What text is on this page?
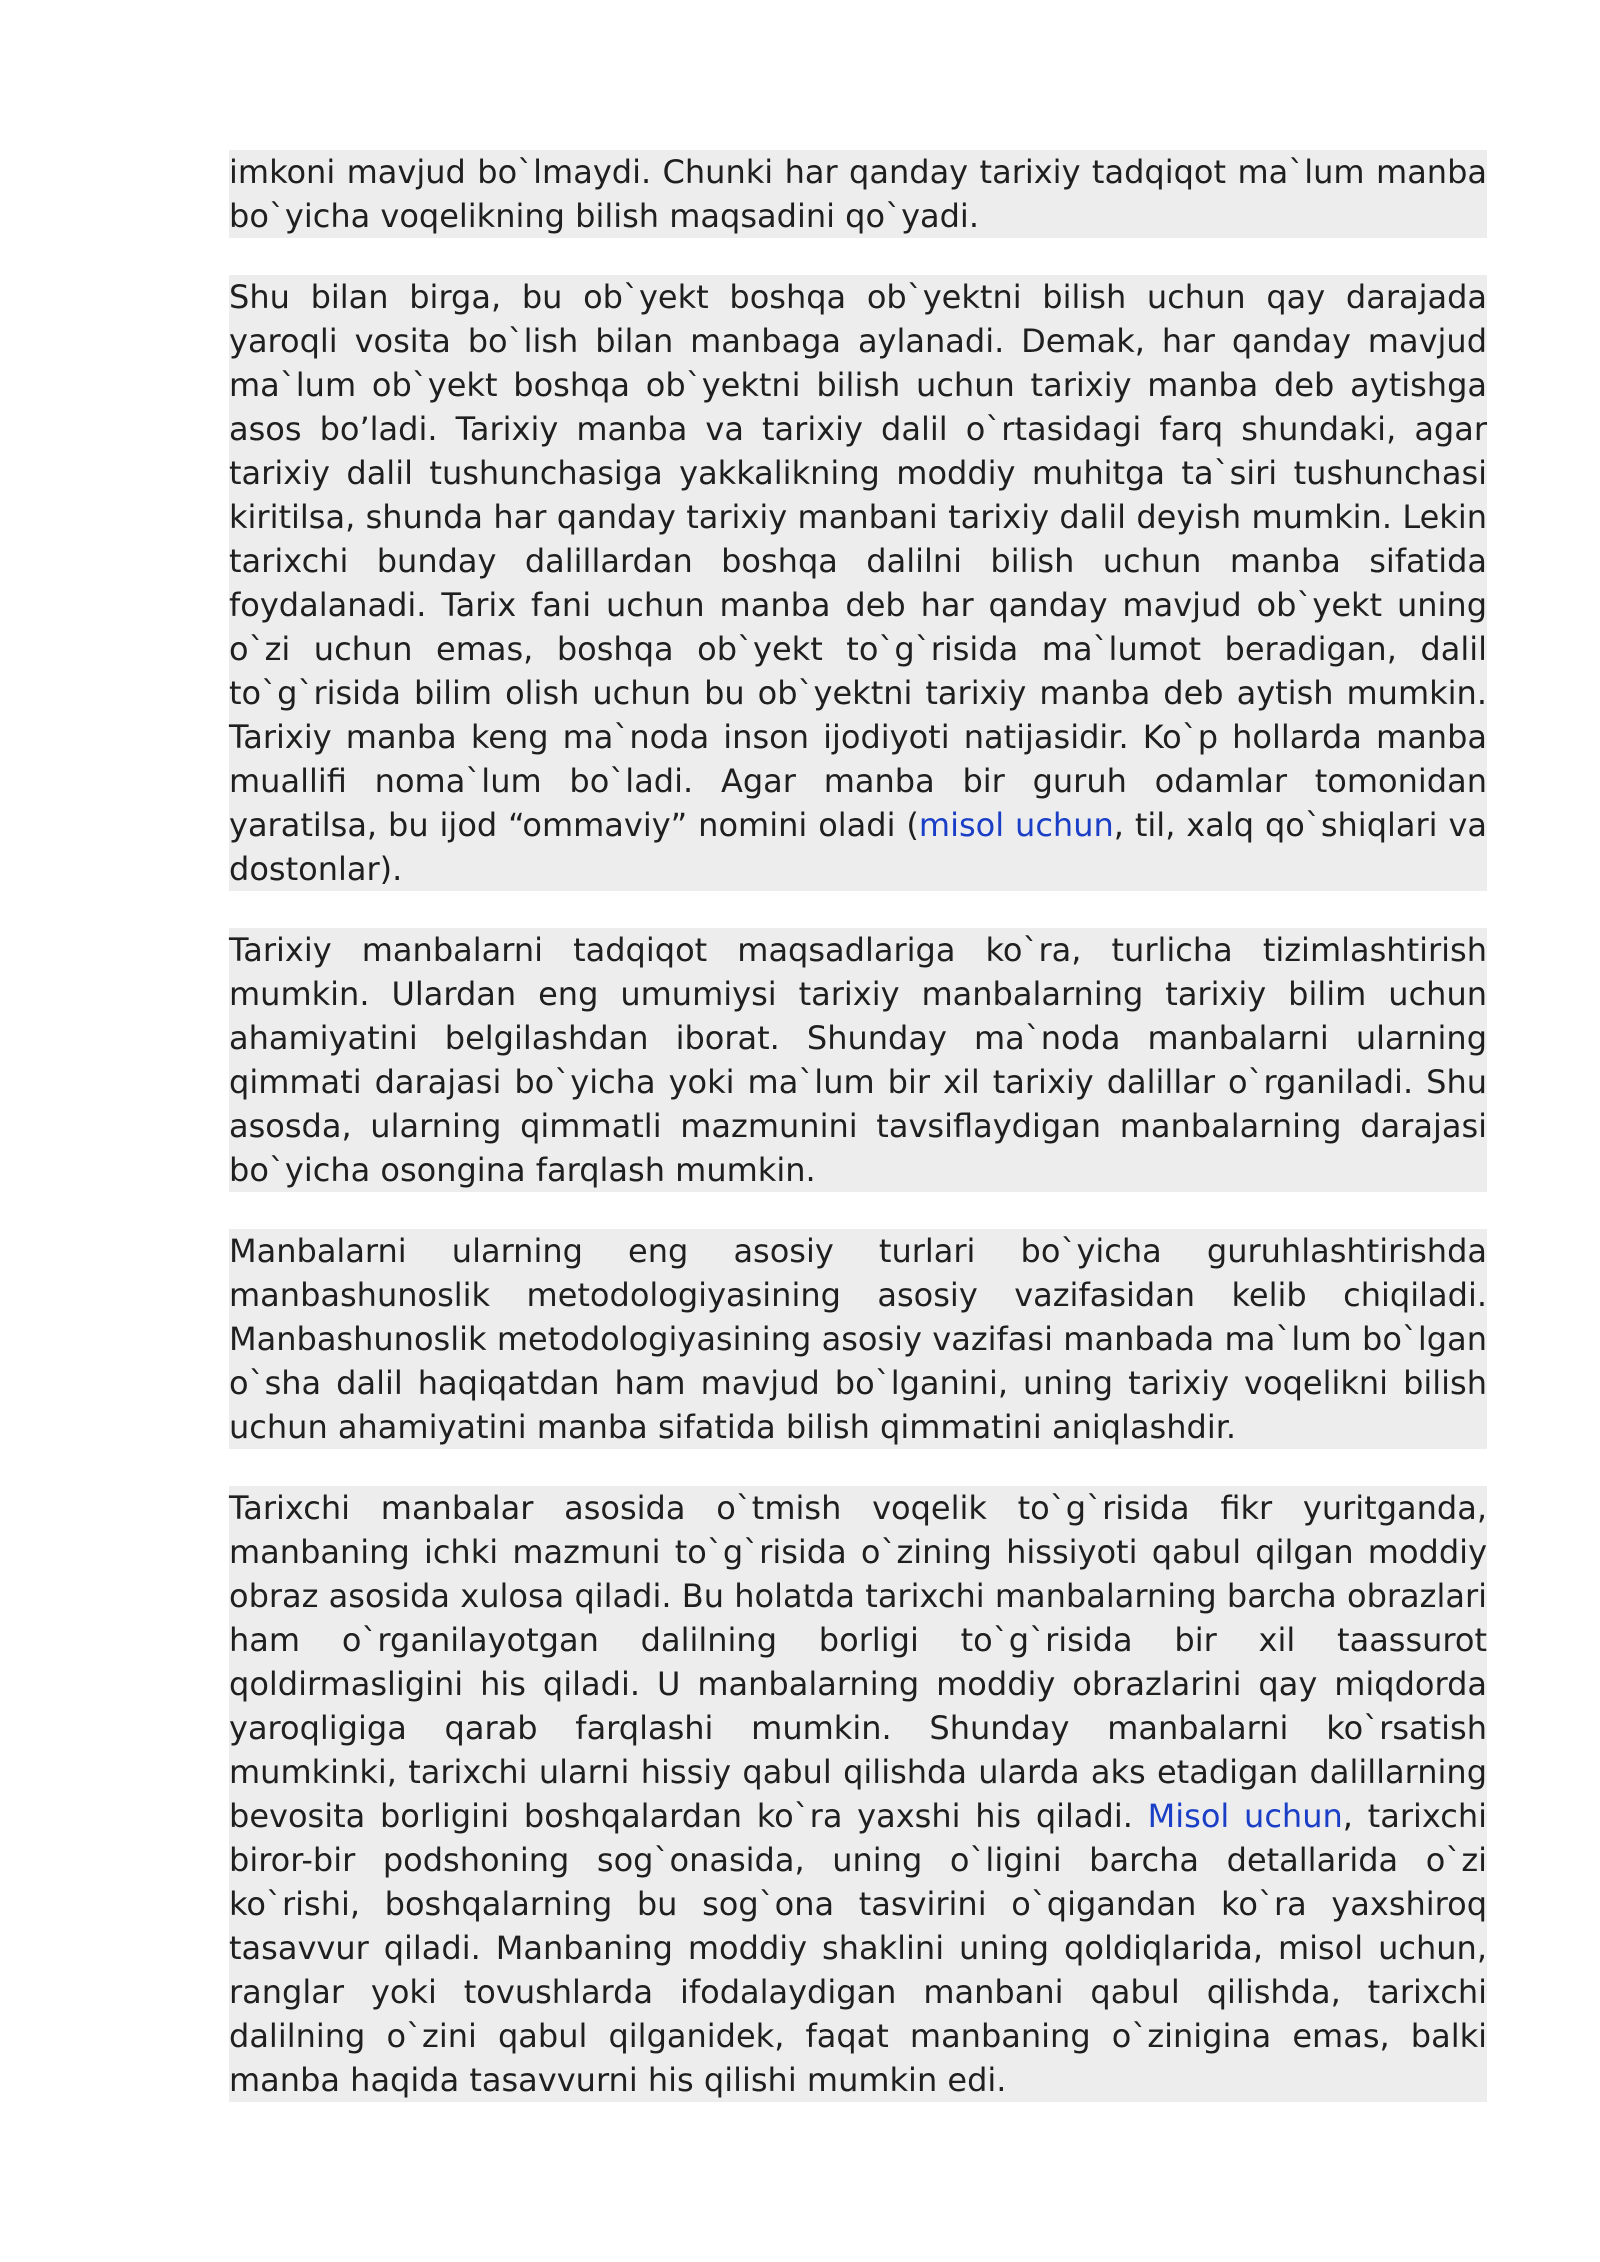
imkoni mavjud bo`lmaydi. Chunki har qanday tarixiy tadqiqot ma`lum manba bo`yicha voqelikning bilish maqsadini qo`yadi.

Shu bilan birga, bu ob`yekt boshqa ob`yektni bilish uchun qay darajada yaroqli vosita bo`lish bilan manbaga aylanadi. Demak, har qanday mavjud ma`lum ob`yekt boshqa ob`yektni bilish uchun tarixiy manba deb aytishga asos bo’ladi. Tarixiy manba va tarixiy dalil o`rtasidagi farq shundaki, agar tarixiy dalil tushunchasiga yakkalikning moddiy muhitga ta`siri tushunchasi kiritilsa, shunda har qanday tarixiy manbani tarixiy dalil deyish mumkin. Lekin tarixchi bunday dalillardan boshqa dalilni bilish uchun manba sifatida foydalanadi. Tarix fani uchun manba deb har qanday mavjud ob`yekt uning o`zi uchun emas, boshqa ob`yekt to`g`risida ma`lumot beradigan, dalil to`g`risida bilim olish uchun bu ob`yektni tarixiy manba deb aytish mumkin. Tarixiy manba keng ma`noda inson ijodiyoti natijasidir. Ko`p hollarda manba muallifi noma`lum bo`ladi. Agar manba bir guruh odamlar tomonidan yaratilsa, bu ijod “ommaviy” nomini oladi (misol uchun, til, xalq qo`shiqlari va dostonlar).

Tarixiy manbalarni tadqiqot maqsadlariga ko`ra, turlicha tizimlashtirish mumkin. Ulardan eng umumiysi tarixiy manbalarning tarixiy bilim uchun ahamiyatini belgilashdan iborat. Shunday ma`noda manbalarni ularning qimmati darajasi bo`yicha yoki ma`lum bir xil tarixiy dalillar o`rganiladi. Shu asosda, ularning qimmatli mazmunini tavsiflaydigan manbalarning darajasi bo`yicha osongina farqlash mumkin.

Manbalarni ularning eng asosiy turlari bo`yicha guruhlashtirishda manbashunoslik metodologiyasining asosiy vazifasidan kelib chiqiladi. Manbashunoslik metodologiyasining asosiy vazifasi manbada ma`lum bo`lgan o`sha dalil haqiqatdan ham mavjud bo`lganini, uning tarixiy voqelikni bilish uchun ahamiyatini manba sifatida bilish qimmatini aniqlashdir.

Tarixchi manbalar asosida o`tmish voqelik to`g`risida fikr yuritganda, manbaning ichki mazmuni to`g`risida o`zining hissiyoti qabul qilgan moddiy obraz asosida xulosa qiladi. Bu holatda tarixchi manbalarning barcha obrazlari ham o`rganilayotgan dalilning borligi to`g`risida bir xil taassurot qoldirmasligini his qiladi. U manbalarning moddiy obrazlarini qay miqdorda yaroqligiga qarab farqlashi mumkin. Shunday manbalarni ko`rsatish mumkinki, tarixchi ularni hissiy qabul qilishda ularda aks etadigan dalillarning bevosita borligini boshqalardan ko`ra yaxshi his qiladi. Misol uchun, tarixchi biror-bir podshoning sog`onasida, uning o`ligini barcha detallarida o`zi ko`rishi, boshqalarning bu sog`ona tasvirini o`qigandan ko`ra yaxshiroq tasavvur qiladi. Manbaning moddiy shaklini uning qoldiqlarida, misol uchun, ranglar yoki tovushlarda ifodalaydigan manbani qabul qilishda, tarixchi dalilning o`zini qabul qilganidek, faqat manbaning o`ziniginа emas, balki manba haqida tasavvurni his qilishi mumkin edi.
